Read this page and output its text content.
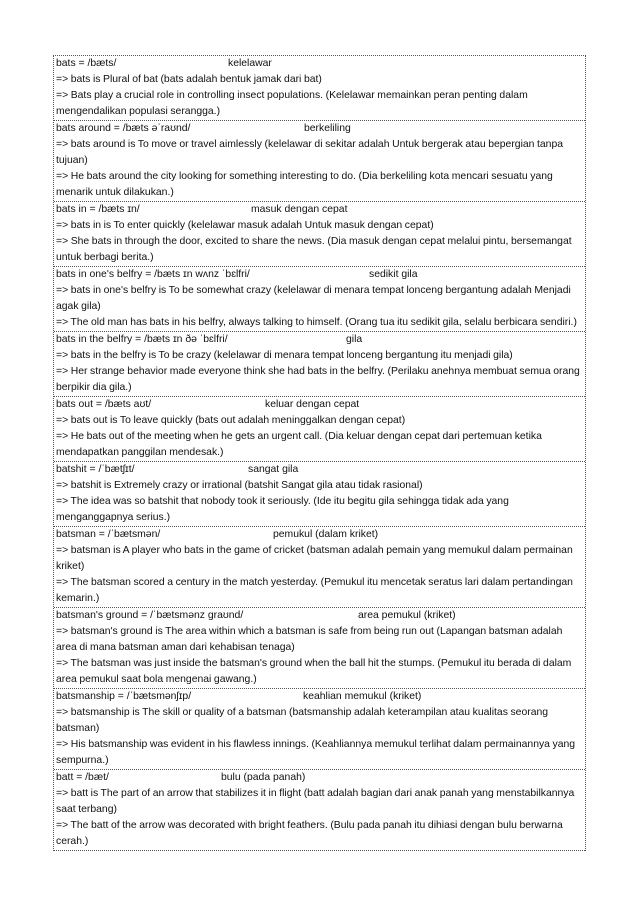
bats = /bæts/	kelelawar
=> bats is Plural of bat (bats adalah bentuk jamak dari bat)
=> Bats play a crucial role in controlling insect populations. (Kelelawar memainkan peran penting dalam mengendalikan populasi serangga.)
bats around = /bæts əˈraʊnd/	berkeliling
=> bats around is To move or travel aimlessly (kelelawar di sekitar adalah Untuk bergerak atau bepergian tanpa tujuan)
=> He bats around the city looking for something interesting to do. (Dia berkeliling kota mencari sesuatu yang menarik untuk dilakukan.)
bats in = /bæts ɪn/	masuk dengan cepat
=> bats in is To enter quickly (kelelawar masuk adalah Untuk masuk dengan cepat)
=> She bats in through the door, excited to share the news. (Dia masuk dengan cepat melalui pintu, bersemangat untuk berbagi berita.)
bats in one's belfry = /bæts ɪn wʌnz ˈbɛlfri/	sedikit gila
=> bats in one's belfry is To be somewhat crazy (kelelawar di menara tempat lonceng bergantung adalah Menjadi agak gila)
=> The old man has bats in his belfry, always talking to himself. (Orang tua itu sedikit gila, selalu berbicara sendiri.)
bats in the belfry = /bæts ɪn ðə ˈbɛlfri/	gila
=> bats in the belfry is To be crazy (kelelawar di menara tempat lonceng bergantung itu menjadi gila)
=> Her strange behavior made everyone think she had bats in the belfry. (Perilaku anehnya membuat semua orang berpikir dia gila.)
bats out = /bæts aʊt/	keluar dengan cepat
=> bats out is To leave quickly (bats out adalah meninggalkan dengan cepat)
=> He bats out of the meeting when he gets an urgent call. (Dia keluar dengan cepat dari pertemuan ketika mendapatkan panggilan mendesak.)
batshit = /ˈbætʃɪt/	sangat gila
=> batshit is Extremely crazy or irrational (batshit Sangat gila atau tidak rasional)
=> The idea was so batshit that nobody took it seriously. (Ide itu begitu gila sehingga tidak ada yang menganggapnya serius.)
batsman = /ˈbætsmən/	pemukul (dalam kriket)
=> batsman is A player who bats in the game of cricket (batsman adalah pemain yang memukul dalam permainan kriket)
=> The batsman scored a century in the match yesterday. (Pemukul itu mencetak seratus lari dalam pertandingan kemarin.)
batsman's ground = /ˈbætsmənz graʊnd/	area pemukul (kriket)
=> batsman's ground is The area within which a batsman is safe from being run out (Lapangan batsman adalah area di mana batsman aman dari kehabisan tenaga)
=> The batsman was just inside the batsman's ground when the ball hit the stumps. (Pemukul itu berada di dalam area pemukul saat bola mengenai gawang.)
batsmanship = /ˈbætsmənʃɪp/	keahlian memukul (kriket)
=> batsmanship is The skill or quality of a batsman (batsmanship adalah keterampilan atau kualitas seorang batsman)
=> His batsmanship was evident in his flawless innings. (Keahliannya memukul terlihat dalam permainannya yang sempurna.)
batt = /bæt/	bulu (pada panah)
=> batt is The part of an arrow that stabilizes it in flight (batt adalah bagian dari anak panah yang menstabilkannya saat terbang)
=> The batt of the arrow was decorated with bright feathers. (Bulu pada panah itu dihiasi dengan bulu berwarna cerah.)
